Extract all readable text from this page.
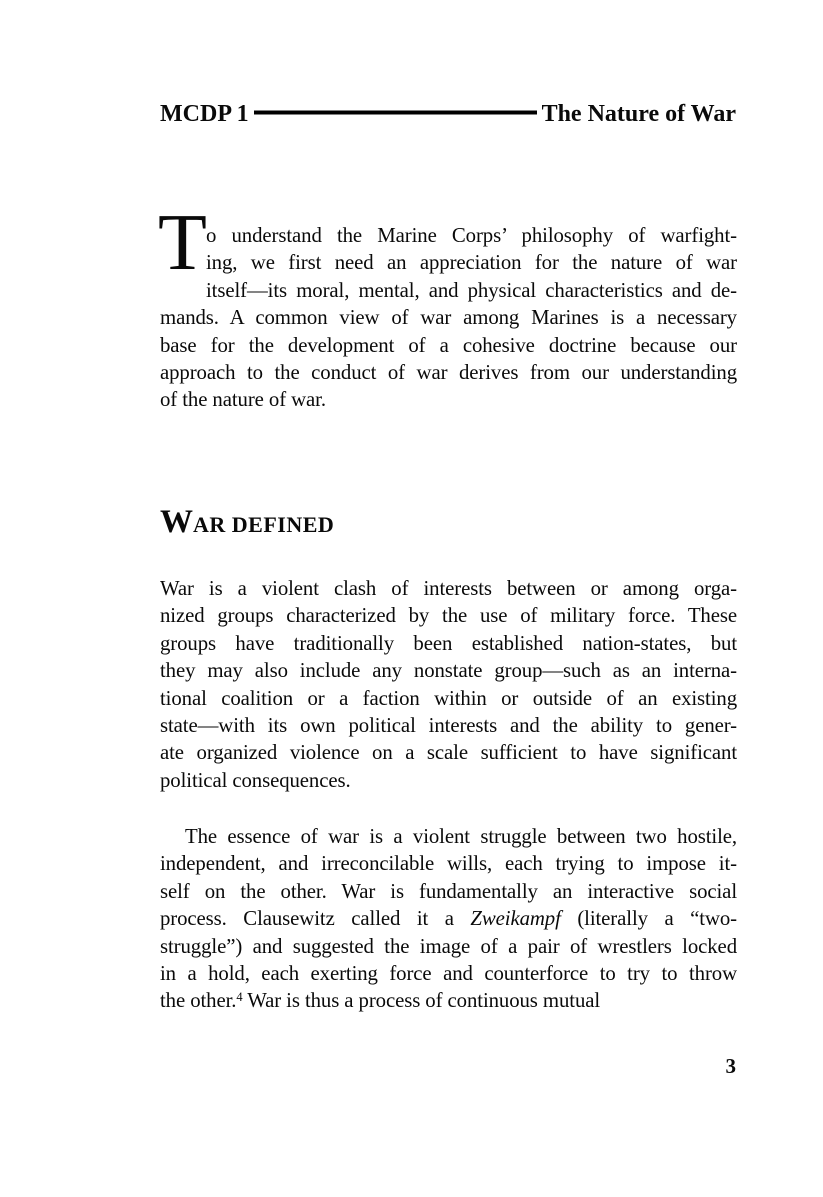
MCDP 1	The Nature of War
T o understand the Marine Corps’ philosophy of warfight-
ing, we first need an appreciation for the nature of war
itself—its moral, mental, and physical characteristics and de-
mands. A common view of war among Marines is a necessary
base for the development of a cohesive doctrine because our
approach to the conduct of war derives from our understanding
of the nature of war.
WAR DEFINED
War is a violent clash of interests between or among orga-
nized groups characterized by the use of military force. These
groups have traditionally been established nation-states, but
they may also include any nonstate group—such as an interna-
tional coalition or a faction within or outside of an existing
state—with its own political interests and the ability to gener-
ate organized violence on a scale sufficient to have significant
political consequences.
The essence of war is a violent struggle between two hostile,
independent, and irreconcilable wills, each trying to impose it-
self on the other. War is fundamentally an interactive social
process. Clausewitz called it a Zweikampf (literally a “two-
struggle”) and suggested the image of a pair of wrestlers locked
in a hold, each exerting force and counterforce to try to throw
the other.$^4$ War is thus a process of continuous mutual
3
